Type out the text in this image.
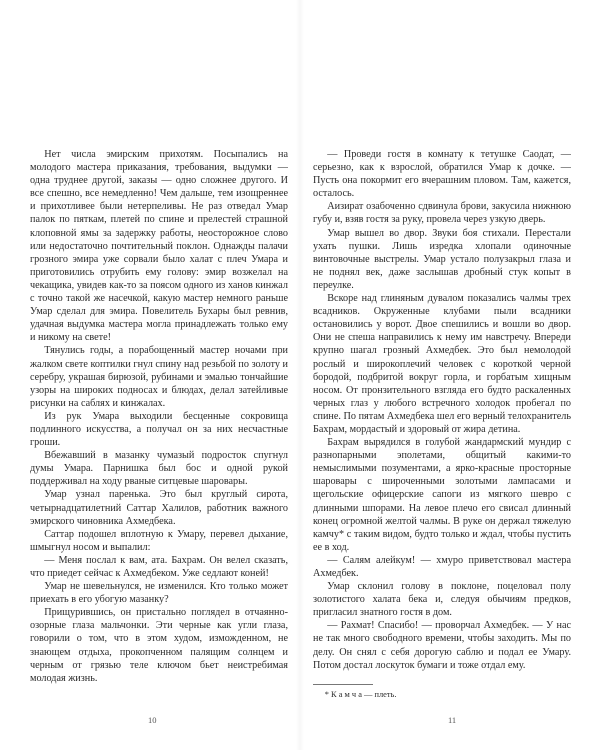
Нет числа эмирским прихотям. Посыпались на молодого мастера приказания, требования, выдумки — одна труднее другой, заказы — одно сложнее другого. И все спешно, все немедленно! Чем дальше, тем изощреннее и прихотливее были нетерпеливы. Не раз отведал Умар палок по пяткам, плетей по спине и прелестей страшной клоповной ямы за задержку работы, неосторожное слово или недостаточно почтительный поклон. Однажды палачи грозного эмира уже сорвали было халат с плеч Умара и приготовились отрубить ему голову: эмир возжелал на чекащика, увидев как-то за поясом одного из ханов кинжал с точно такой же насечкой, какую мастер немного раньше Умар сделал для эмира. Повелитель Бухары был ревнив, удачная выдумка мастера могла принадлежать только ему и никому на свете!

Тянулись годы, а порабощенный мастер ночами при жалком свете коптилки гнул спину над резьбой по золоту и серебру, украшая бирюзой, рубинами и эмалью тончайшие узоры на широких подносах и блюдах, делал затейливые рисунки на саблях и кинжалах.

Из рук Умара выходили бесценные сокровища подлинного искусства, а получал он за них несчастные гроши.

Вбежавший в мазанку чумазый подросток спугнул думы Умара. Парнишка был бос и одной рукой поддерживал на ходу рваные ситцевые шаровары.

Умар узнал паренька. Это был круглый сирота, четырнадцатилетний Саттар Халилов, работник важного эмирского чиновника Ахмедбека.

Саттар подошел вплотную к Умару, перевел дыхание, шмыгнул носом и выпалил:

— Меня послал к вам, ата. Бахрам. Он велел сказать, что приедет сейчас к Ахмедбеком. Уже седлают коней!

Умар не шевельнулся, не изменился. Кто только может приехать в его убогую мазанку?

Прищурившись, он пристально поглядел в отчаянно-озорные глаза мальчонки. Эти черные как угли глаза, говорили о том, что в этом худом, изможденном, не знающем отдыха, прокопченном палящим солнцем и черным от грязью теле ключом бьет неистребимая молодая жизнь.

— Проведи гостя в комнату к тетушке Саодат, — серьезно, как к взрослой, обратился Умар к дочке. — Пусть она покормит его вчерашним пловом. Там, кажется, осталось.

Аизират озабоченно сдвинула брови, закусила нижнюю губу и, взяв гостя за руку, провела через узкую дверь.

Умар вышел во двор. Звуки боя стихали. Перестали ухать пушки. Лишь изредка хлопали одиночные винтовочные выстрелы. Умар устало полузакрыл глаза и не поднял век, даже заслышав дробный стук копыт в переулке.

Вскоре над глиняным дувалом показались чалмы трех всадников. Окруженные клубами пыли всадники остановились у ворот. Двое спешились и вошли во двор. Они не спеша направились к нему им навстречу. Впереди крупно шагал грозный Ахмедбек. Это был немолодой рослый и широкоплечий человек с короткой черной бородой, подбритой вокруг горла, и горбатым хищным носом. От пронзительного взгляда его будто раскаленных черных глаз у любого встречного холодок пробегал по спине. По пятам Ахмедбека шел его верный телохранитель Бахрам, мордастый и здоровый от жира детина.

Бахрам вырядился в голубой жандармский мундир с разнопарными эполетами, общитый какими-то немыслимыми позументами, а ярко-красные просторные шаровары с широченными золотыми лампасами и щегольские офицерские сапоги из мягкого шевро с длинными шпорами. На левое плечо его свисал длинный конец огромной желтой чалмы. В руке он держал тяжелую камчу* с таким видом, будто только и ждал, чтобы пустить ее в ход.

— Салям алейкум! — хмуро приветствовал мастера Ахмедбек.

Умар склонил голову в поклоне, поцеловал полу золотистого халата бека и, следуя обычиям предков, пригласил знатного гостя в дом.

— Рахмат! Спасибо! — проворчал Ахмедбек. — У нас не так много свободного времени, чтобы заходить. Мы по делу. Он снял с себя дорогую саблю и подал ее Умару. Потом достал лоскуток бумаги и тоже отдал ему.

* К а м ч а — плеть.

10	11
